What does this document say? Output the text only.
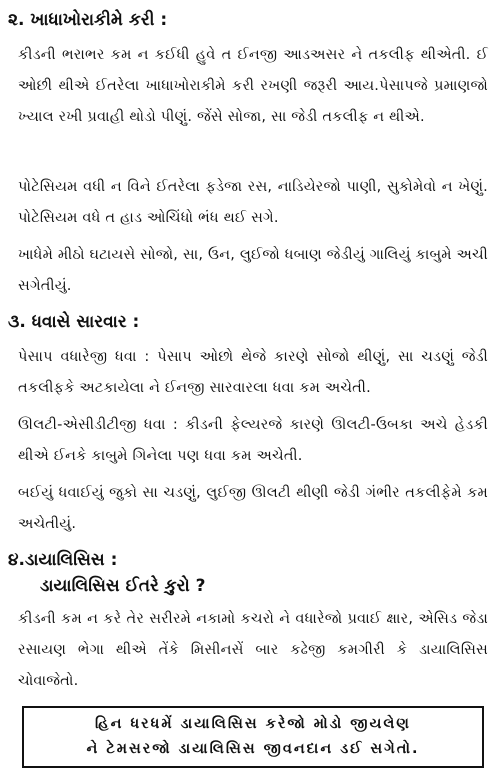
૨. ખાધાખોરાકીમે કરી :
કીડની ભરાભર કમ ન કઈધી હુવે ત ઈનજી આડઅસર ને તકલીફ થીએતી. ઈ ઓછી થીએ ઈતરેલા ખાધાખોરાકીમે કરી રખણી જરૂરી આય.પેસાપજે પ્રમાણજો ખ્યાલ રખી પ્રવાહી થોડો પીણું. જેંસે સોજા, સા જેડી તકલીફ ન થીએ.
પોટેસિયમ વધી ન વિને ઈતરેલા ફડેજા રસ, નાડિયેરજો પાણી, સુકોમેવો ન ખેણું. પોટેસિયમ વધે ત હાડ ઓચિંધો ભંધ થઈ સગે.
ખાધેમે મીઠો ઘટાયસે સોજો, સા, ઉન, લુઈજો ધબાણ જેડીયું ગાલિયું કાબુમે અચી સગેતીયું.
૩. ધવાસે સારવાર :
પેસાપ વધારેજી ધવા : પેસાપ ઓછો થેજે કારણે સોજો થીણું, સા ચડણું જેડી તકલીફકે અટકાયેલા ને ઈનજી સારવારલા ધવા કમ અચેતી.
ઊલટી-એસીડીટીજી ધવા : કીડની ફેલ્યરજે કારણે ઊલટી-ઉબકા અચે હેડકી થીએ ઈનકે કાબુમે ગિનેલા પણ ધવા કમ અચેતી.
બઈયું ધવાઈયું જુકો સા ચડણું, લુઈજી ઊલટી થીણી જેડી ગંભીર તકલીફેમે કમ અચેતીયું.
૪.ડાયાલિસિસ :
ડાયાલિસિસ ઈતરે કુરો ?
કીડની કમ ન કરે તેર સરીરમે નકામો કચરો ને વધારેજો પ્રવાઈ ક્ષાર, એસિડ જેડા રસાયણ ભેગા થીએ તેંકે મિસીનસેં બાર કઢેજી કમગીરી કે ડાયાલિસિસ ચોવાજેતો.
હિન ધરધમેં ડાયાલિસિસ કરેજો મોડો જીયલેણ
ને ટેમસરજો ડાયાલિસિસ જીવનદાન ડઈ સગેતો.
